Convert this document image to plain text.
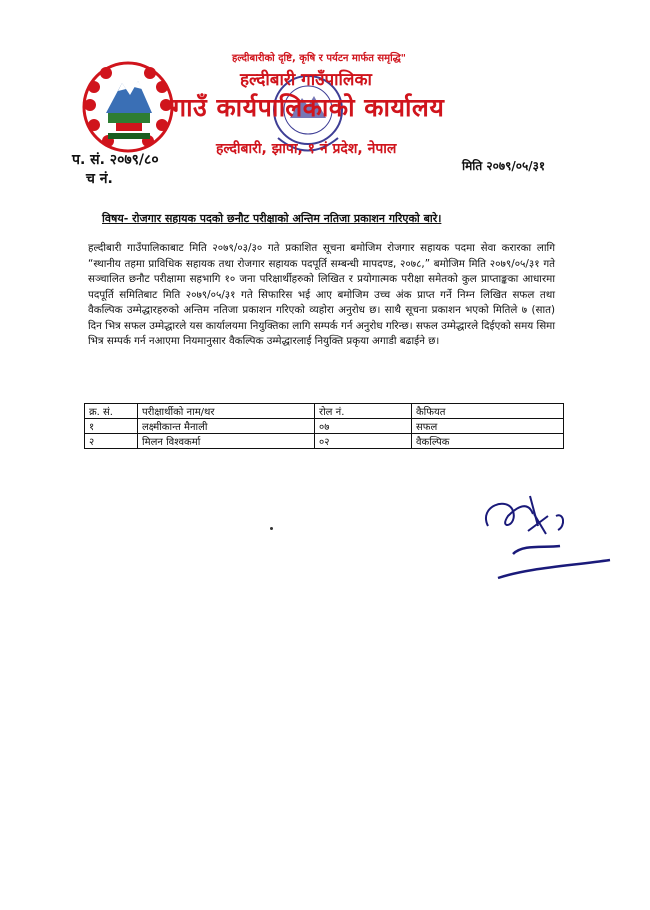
हल्दीबारीको दृष्टि, कृषि र पर्यटन मार्फत समृद्धि"
हल्दीबारी गाउँपालिका
गाउँ कार्यपालिकाको कार्यालय
हल्दीबारी, झापा, १ नं प्रदेश, नेपाल
प. सं. २०७९/८०
च नं.
मिति २०७९/०५/३१
विषय- रोजगार सहायक पदको छनौट परीक्षाको अन्तिम नतिजा प्रकाशन गरिएको बारे।

हल्दीबारी गाउँपालिकाबाट मिति २०७९/०३/३० गते प्रकाशित सूचना बमोजिम रोजगार सहायक पदमा सेवा करारका लागि “स्थानीय तहमा प्राविधिक सहायक तथा रोजगार सहायक पदपूर्ति सम्बन्धी मापदण्ड, २०७८,” बमोजिम मिति २०७९/०५/३१ गते सञ्चालित छनौट परीक्षामा सहभागि १० जना परिक्षार्थीहरुको लिखित र प्रयोगात्मक परीक्षा समेतको कुल प्राप्ताङ्कका आधारमा पदपूर्ति समितिबाट मिति २०७९/०५/३१ गते सिफारिस भई आए बमोजिम उच्च अंक प्राप्त गर्ने निम्न लिखित सफल तथा वैकल्पिक उम्मेद्धारहरुको अन्तिम नतिजा प्रकाशन गरिएको व्यहोरा अनुरोध छ। साथै सूचना प्रकाशन भएको मितिले ७ (सात) दिन भित्र सफल उम्मेद्धारले यस कार्यालयमा नियुक्तिका लागि सम्पर्क गर्न अनुरोध गरिन्छ। सफल उम्मेद्धारले दिईएको समय सिमा भित्र सम्पर्क गर्न नआएमा नियमानुसार वैकल्पिक उम्मेद्धारलाई नियुक्ति प्रकृया अगाडी बढाईने छ।

क्र. सं.	परीक्षार्थीको नाम/थर	रोल नं.	कैफियत
१	लक्ष्मीकान्त मैनाली	०७	सफल
२	मिलन विश्वकर्मा	०२	वैकल्पिक
